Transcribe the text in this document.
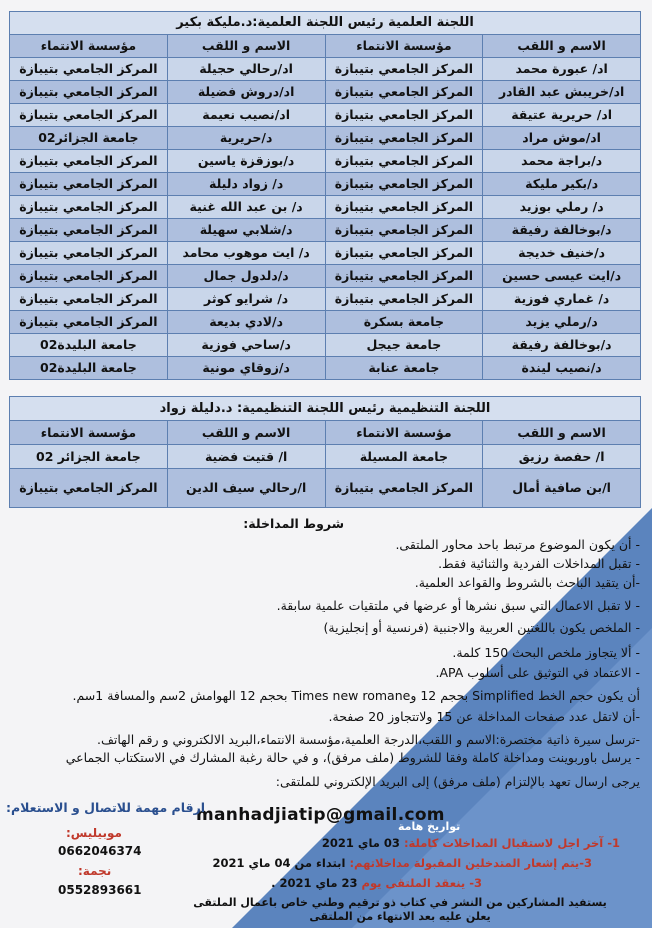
اللجنة العلمية رئيس اللجنة العلمية:د.مليكة بكير			
الاسم و اللقب	مؤسسة الانتماء	الاسم و اللقب	مؤسسة الانتماء
اد/ عبورة محمد	المركز الجامعي بتيبازة	اد/رحالي حجيلة	المركز الجامعي بتيبازة
اد/خريبش عبد القادر	المركز الجامعي بتيبازة	اد/دروش فضيلة	المركز الجامعي بتيبازة
اد/ حريرية عتيقة	المركز الجامعي بتيبازة	اد/نصيب نعيمة	المركز الجامعي بتيبازة
اد/موش مراد	المركز الجامعي بتيبازة	د/حريرية	جامعة الجزائر02
د/براجة محمد	المركز الجامعي بتيبازة	د/بوزقزة ياسين	المركز الجامعي بتيبازة
د/بكير مليكة	المركز الجامعي بتيبازة	د/ زواد دليلة	المركز الجامعي بتيبازة
د/ رملي بوزيد	المركز الجامعي بتيبازة	د/ بن عبد الله غنية	المركز الجامعي بتيبازة
د/بوخالفة رفيقة	المركز الجامعي بتيبازة	د/شلابي سهيلة	المركز الجامعي بتيبازة
د/خنيف خديجة	المركز الجامعي بتيبازة	د/ ايت موهوب محامد	المركز الجامعي بتيبازة
د/ايت عيسى حسين	المركز الجامعي بتيبازة	د/دلدول جمال	المركز الجامعي بتيبازة
د/ غماري فوزية	المركز الجامعي بتيبازة	د/ شرايو كوثر	المركز الجامعي بتيبازة
د/رملي يزيد	جامعة بسكرة	د/لادي بديعة	المركز الجامعي بتيبازة
د/بوخالفة رفيقة	جامعة جيجل	د/ساحي فوزية	جامعة البليدة02
د/نصيب ليندة	جامعة عنابة	د/زوقاي مونية	جامعة البليدة02
اللجنة التنظيمية رئيس اللجنة التنظيمية: د.دليلة زواد			
الاسم و اللقب	مؤسسة الانتماء	الاسم و اللقب	مؤسسة الانتماء
ا/ حفصة رزيق	جامعة المسيلة	ا/ قتيت فضية	جامعة الجزائر 02
ا/بن صافية أمال	المركز الجامعي بتيبازة	ا/رحالي سيف الدين	المركز الجامعي بتيبازة
شروط المداخلة:
- أن يكون الموضوع مرتبط باحد محاور الملتقى.
- تقبل المداخلات الفردية والثنائية فقط.
-أن يتقيد الباحث بالشروط والقواعد العلمية.
- لا تقبل الاعمال التي سبق نشرها أو عرضها في ملتقيات علمية سابقة.
- الملخص يكون باللغتين العربية والاجنبية (فرنسية أو إنجليزية)
- ألا يتجاوز ملخص البحث 150 كلمة.
- الاعتماد في التوثيق على أسلوب APA.
أن يكون حجم الخط Simplified بحجم 12 وTimes new romane بحجم 12 الهوامش 2سم والمسافة 1سم.
-أن لاتقل عدد صفحات المداخلة عن 15 ولاتتجاوز 20 صفحة.
-ترسل سيرة ذاتية مختصرة:الاسم و اللقب،الدرجة العلمية،مؤسسة الانتماء،البريد الالكتروني و رقم الهاتف.
- يرسل باوربوينت ومداخلة كاملة وفقا للشروط (ملف مرفق)، و في حالة رغبة المشارك في الاستكتاب الجماعي
يرجى ارسال تعهد بالإلتزام (ملف مرفق) إلى البريد الإلكتروني للملتقى:
manhadjiatip@gmail.com
ارقام مهمة للاتصال و الاستعلام:
موبيليس:
0662046374
نجمة:
0552893661
تواريخ هامة
1- آخر اجل لاستقبال المداخلات كاملة: 03 ماي 2021
3-يتم إشعار المتدخلين المقبولة مداخلاتهم: ابتداء من 04 ماي 2021
3- ينعقد الملتقى يوم 23 ماي 2021 .
يستفيد المشاركين من النشر في كتاب ذو ترقيم وطني خاص باعمال الملتقى يعلن عليه بعد الانتهاء من الملتقى
